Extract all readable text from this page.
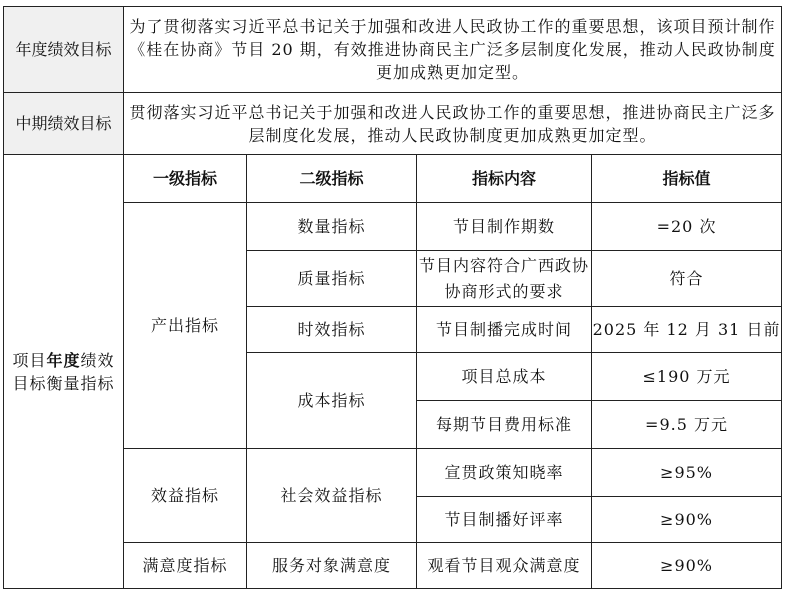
年度绩效目标	为了贯彻落实习近平总书记关于加强和改进人民政协工作的重要思想，该项目预计制作《桂在协商》节目 20 期，有效推进协商民主广泛多层制度化发展，推动人民政协制度更加成熟更加定型。			
中期绩效目标	贯彻落实习近平总书记关于加强和改进人民政协工作的重要思想，推进协商民主广泛多层制度化发展，推动人民政协制度更加成熟更加定型。			
项目年度绩效目标衡量指标	一级指标	二级指标	指标内容	指标值
	产出指标	数量指标	节目制作期数	=20 次
		质量指标	节目内容符合广西政协协商形式的要求	符合
		时效指标	节目制播完成时间	2025 年 12 月 31 日前
		成本指标	项目总成本	≤190 万元
			每期节目费用标准	=9.5 万元
	效益指标	社会效益指标	宣贯政策知晓率	≥95%
			节目制播好评率	≥90%
	满意度指标	服务对象满意度	观看节目观众满意度	≥90%
